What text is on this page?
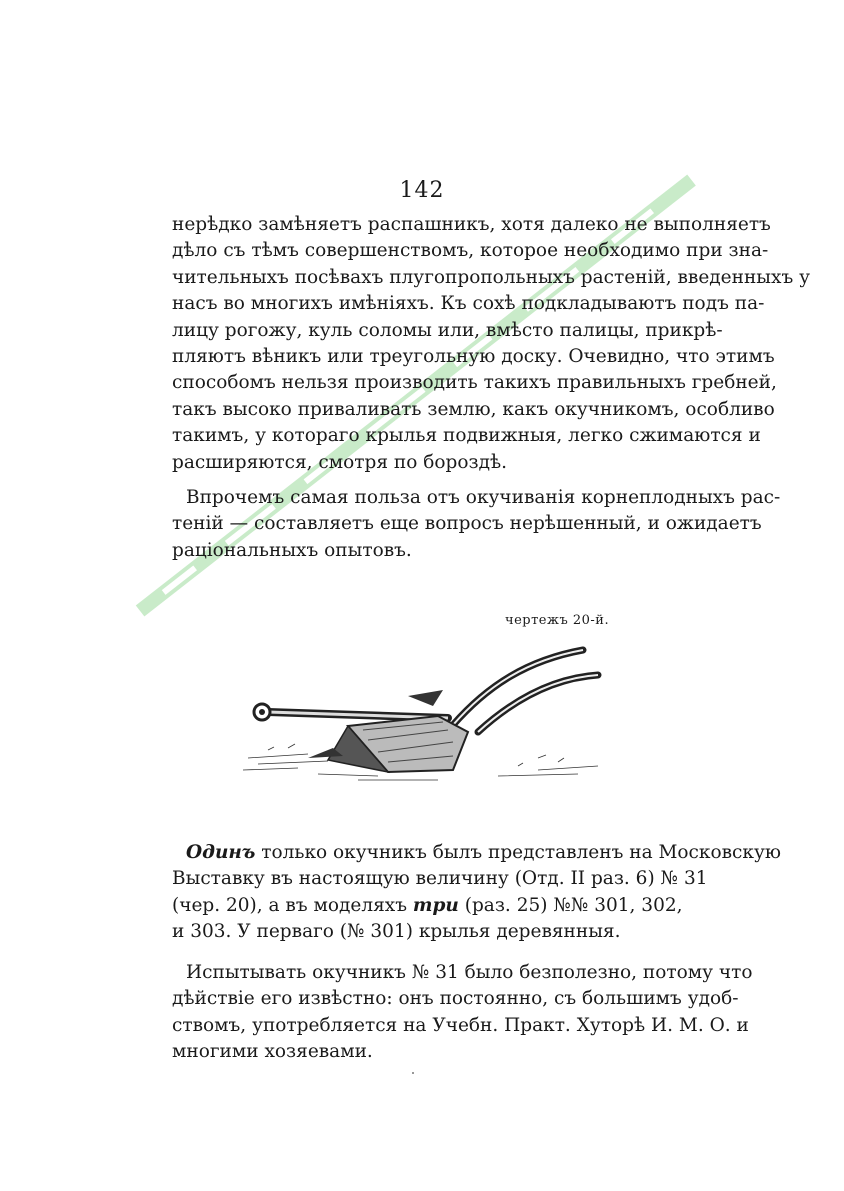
142
нерѣдко замѣняетъ распашникъ, хотя далеко не выполняетъ
дѣло съ тѣмъ совершенствомъ, которое необходимо при зна-
чительныхъ посѣвахъ плугопропольныхъ растеній, введенныхъ у
насъ во многихъ имѣніяхъ. Къ сохѣ подкладываютъ подъ па-
лицу рогожу, куль соломы или, вмѣсто палицы, прикрѣ-
пляютъ вѣникъ или треугольную доску. Очевидно, что этимъ
способомъ нельзя производить такихъ правильныхъ гребней,
такъ высоко приваливать землю, какъ окучникомъ, особливо
такимъ, у котораго крылья подвижныя, легко сжимаются и
расширяются, смотря по бороздѣ.
Впрочемъ самая польза отъ окучиванія корнеплодныхъ рас-
теній — составляетъ еще вопросъ нерѣшенный, и ожидаетъ
раціональныхъ опытовъ.
чертежъ 20-й.
Одинъ только окучникъ былъ представленъ на Московскую
Выставку въ настоящую величину (Отд. II раз. 6) № 31
(чер. 20), а въ моделяхъ три (раз. 25) №№ 301, 302,
и 303. У перваго (№ 301) крылья деревянныя.
Испытывать окучникъ № 31 было безполезно, потому что
дѣйствіе его извѣстно: онъ постоянно, съ большимъ удоб-
ствомъ, употребляется на Учебн. Практ. Хуторѣ И. М. О. и
многими хозяевами.
